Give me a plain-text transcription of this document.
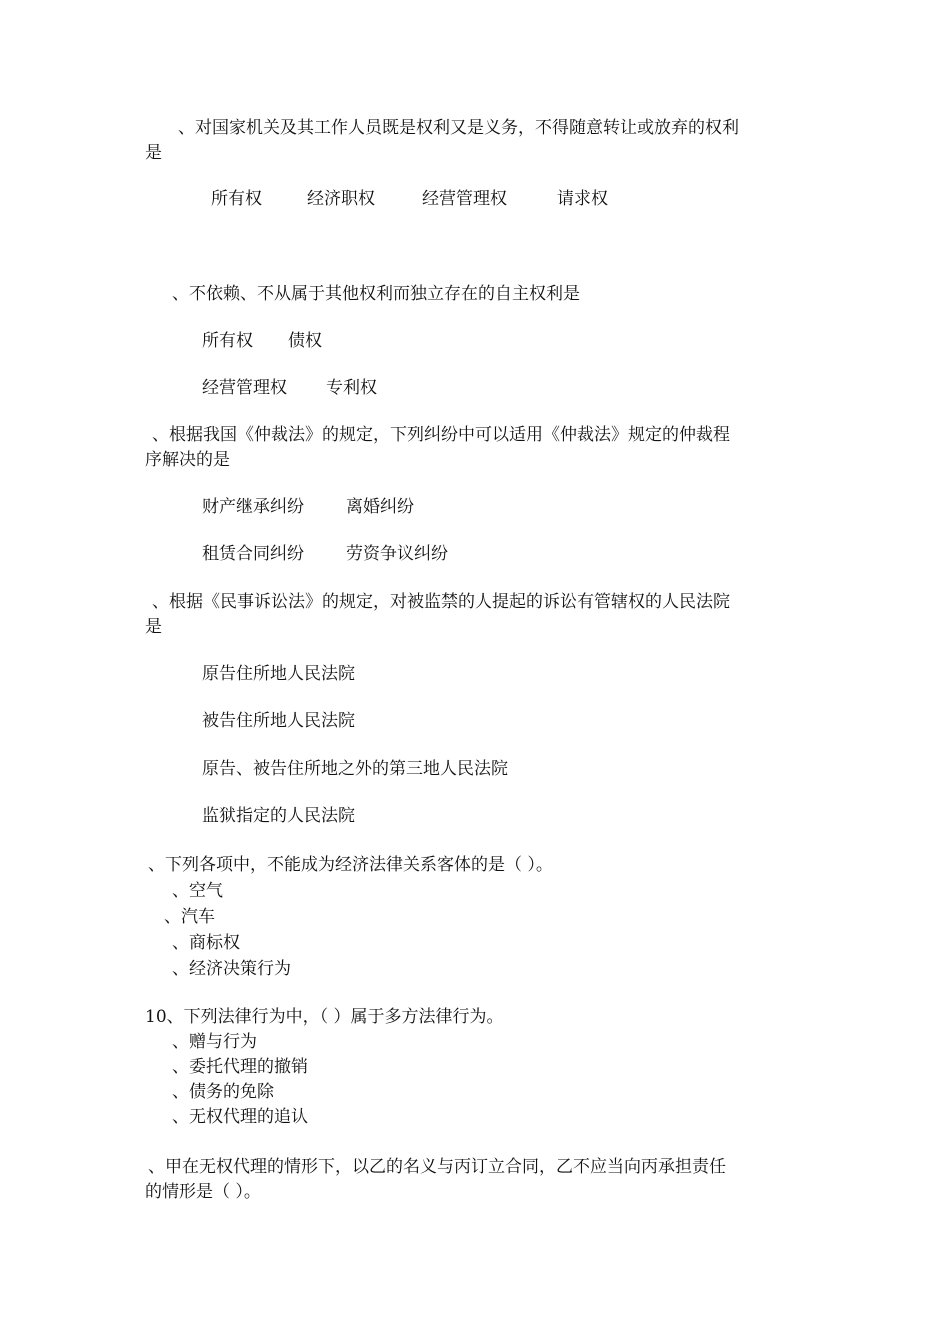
、对国家机关及其工作人员既是权利又是义务，不得随意转让或放弃的权利
是
所有权	经济职权	经营管理权	请求权
、不依赖、不从属于其他权利而独立存在的自主权利是
所有权 债权
经营管理权 专利权
、根据我国《仲裁法》的规定，下列纠纷中可以适用《仲裁法》规定的仲裁程
序解决的是
财产继承纠纷 离婚纠纷
租赁合同纠纷 劳资争议纠纷
、根据《民事诉讼法》的规定，对被监禁的人提起的诉讼有管辖权的人民法院
是
原告住所地人民法院
被告住所地人民法院
原告、被告住所地之外的第三地人民法院
监狱指定的人民法院
、下列各项中，不能成为经济法律关系客体的是（ ）。
、空气
、汽车
、商标权
、经济决策行为
10、下列法律行为中，（ ）属于多方法律行为。
、赠与行为
、委托代理的撤销
、债务的免除
、无权代理的追认
、甲在无权代理的情形下，以乙的名义与丙订立合同，乙不应当向丙承担责任
的情形是（ ）。
